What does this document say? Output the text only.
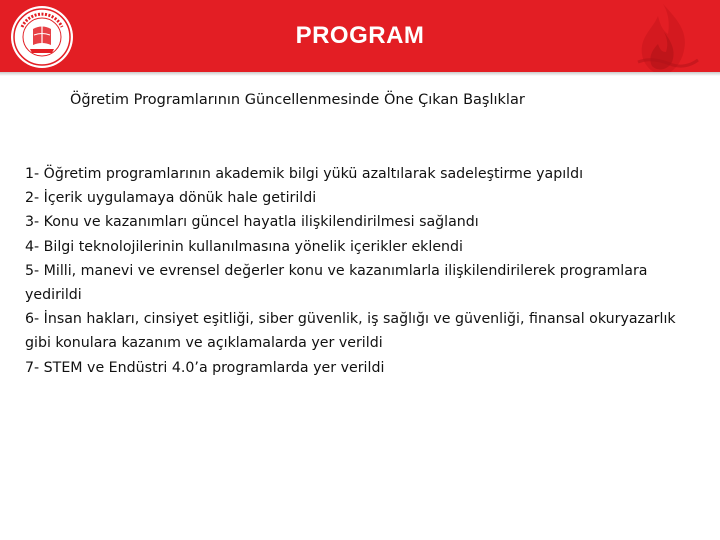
PROGRAM
Öğretim Programlarının Güncellenmesinde Öne Çıkan Başlıklar
1- Öğretim programlarının akademik bilgi yükü azaltılarak sadeleştirme yapıldı
2- İçerik uygulamaya dönük hale getirildi
3- Konu ve kazanımları güncel hayatla ilişkilendirilmesi sağlandı
4- Bilgi teknolojilerinin kullanılmasına yönelik içerikler eklendi
5- Milli, manevi ve evrensel değerler konu ve kazanımlarla ilişkilendirilerek programlara yedirildi
6- İnsan hakları, cinsiyet eşitliği, siber güvenlik, iş sağlığı ve güvenliği, finansal okuryazarlık gibi konulara kazanım ve açıklamalarda yer verildi
7- STEM ve Endüstri 4.0’a programlarda yer verildi
